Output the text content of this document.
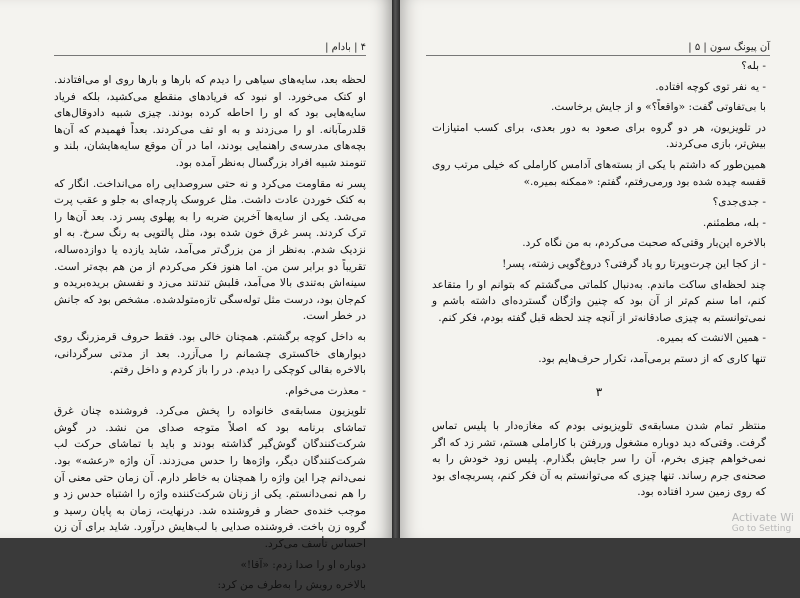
۴ | بادام |

لحظه بعد، سایه‌های سیاهی را دیدم که بارها و بارها روی او می‌افتادند. او کتک می‌خورد. او نبود که فریادهای منقطع می‌کشید، بلکه فریاد سایه‌هایی بود که او را احاطه کرده بودند. چیزی شبیه دادوقال‌های قلدرمآبانه. او را می‌زدند و به او تف می‌کردند. بعداً فهمیدم که آن‌ها بچه‌های مدرسه‌ی راهنمایی بودند، اما در آن موقع سایه‌هایشان، بلند و تنومند شبیه افراد بزرگسال به‌نظر آمده بود.

پسر نه مقاومت می‌کرد و نه حتی سروصدایی راه می‌انداخت. انگار که به کتک خوردن عادت داشت. مثل عروسک پارچه‌ای به جلو و عقب پرت می‌شد. یکی از سایه‌ها آخرین ضربه را به پهلوی پسر زد. بعد آن‌ها را ترک کردند. پسر غرق خون شده بود، مثل پالتویی به رنگ سرخ. به او نزدیک شدم. به‌نظر از من بزرگ‌تر می‌آمد، شاید یازده یا دوازده‌ساله، تقریباً دو برابر سن من. اما هنوز فکر می‌کردم از من هم بچه‌تر است. سینه‌اش به‌تندی بالا می‌آمد، قلبش تندتند می‌زد و نفسش بریده‌بریده و کم‌جان بود، درست مثل توله‌سگی تازه‌متولدشده. مشخص بود که جانش در خطر است.

به داخل کوچه برگشتم. همچنان خالی بود. فقط حروف قرمزرنگ روی دیوارهای خاکستری چشمانم را می‌آزرد. بعد از مدتی سرگردانی، بالاخره بقالی کوچکی را دیدم. در را باز کردم و داخل رفتم.

- معذرت می‌خوام.

تلویزیون مسابقه‌ی خانواده را پخش می‌کرد. فروشنده چنان غرق تماشای برنامه بود که اصلاً متوجه صدای من نشد. در گوش شرکت‌کنندگان گوش‌گیر گذاشته بودند و باید با تماشای حرکت لب شرکت‌کنندگان دیگر، واژه‌ها را حدس می‌زدند. آن واژه «رعشه» بود. نمی‌دانم چرا این واژه را همچنان به خاطر دارم. آن زمان حتی معنی آن را هم نمی‌دانستم. یکی از زنان شرکت‌کننده واژه را اشتباه حدس زد و موجب خنده‌ی حضار و فروشنده شد. درنهایت، زمان به پایان رسید و گروه زن باخت. فروشنده صدایی با لب‌هایش درآورد. شاید برای آن زن احساس تأسف می‌کرد.

دوباره او را صدا زدم: «آقا!»

بالاخره رویش را به‌طرف من کرد:

آن پیونگ سون | ۵ |

- بله؟

- یه نفر توی کوچه افتاده.

با بی‌تفاوتی گفت: «واقعاً؟» و از جایش برخاست.

در تلویزیون، هر دو گروه برای صعود به دور بعدی، برای کسب امتیازات بیش‌تر، بازی می‌کردند.

همین‌طور که داشتم با یکی از بسته‌های آدامس کاراملی که خیلی مرتب روی قفسه چیده شده بود ورمی‌رفتم، گفتم: «ممکنه بمیره.»

- جدی‌جدی؟

- بله، مطمئنم.

بالاخره این‌بار وقتی‌که صحبت می‌کردم، به من نگاه کرد.

- از کجا این چرت‌وپرتا رو یاد گرفتی؟ دروغ‌گویی زشته، پسر!

چند لحظه‌ای ساکت ماندم. به‌دنبال کلماتی می‌گشتم که بتوانم او را متقاعد کنم، اما سنم کم‌تر از آن بود که چنین واژگان گسترده‌ای داشته باشم و نمی‌توانستم به چیزی صادقانه‌تر از آنچه چند لحظه قبل گفته بودم، فکر کنم.

- همین الانشت که بمیره.

تنها کاری که از دستم برمی‌آمد، تکرار حرف‌هایم بود.

۳

منتظر تمام شدن مسابقه‌ی تلویزیونی بودم که مغازه‌دار با پلیس تماس گرفت. وقتی‌که دید دوباره مشغول وررفتن با کاراملی هستم، تشر زد که اگر نمی‌خواهم چیزی بخرم، آن را سر جایش بگذارم. پلیس زود خودش را به صحنه‌ی جرم رساند. تنها چیزی که می‌توانستم به آن فکر کنم، پسربچه‌ای بود که روی زمین سرد افتاده بود.

Activate Wi
Go to Setting
